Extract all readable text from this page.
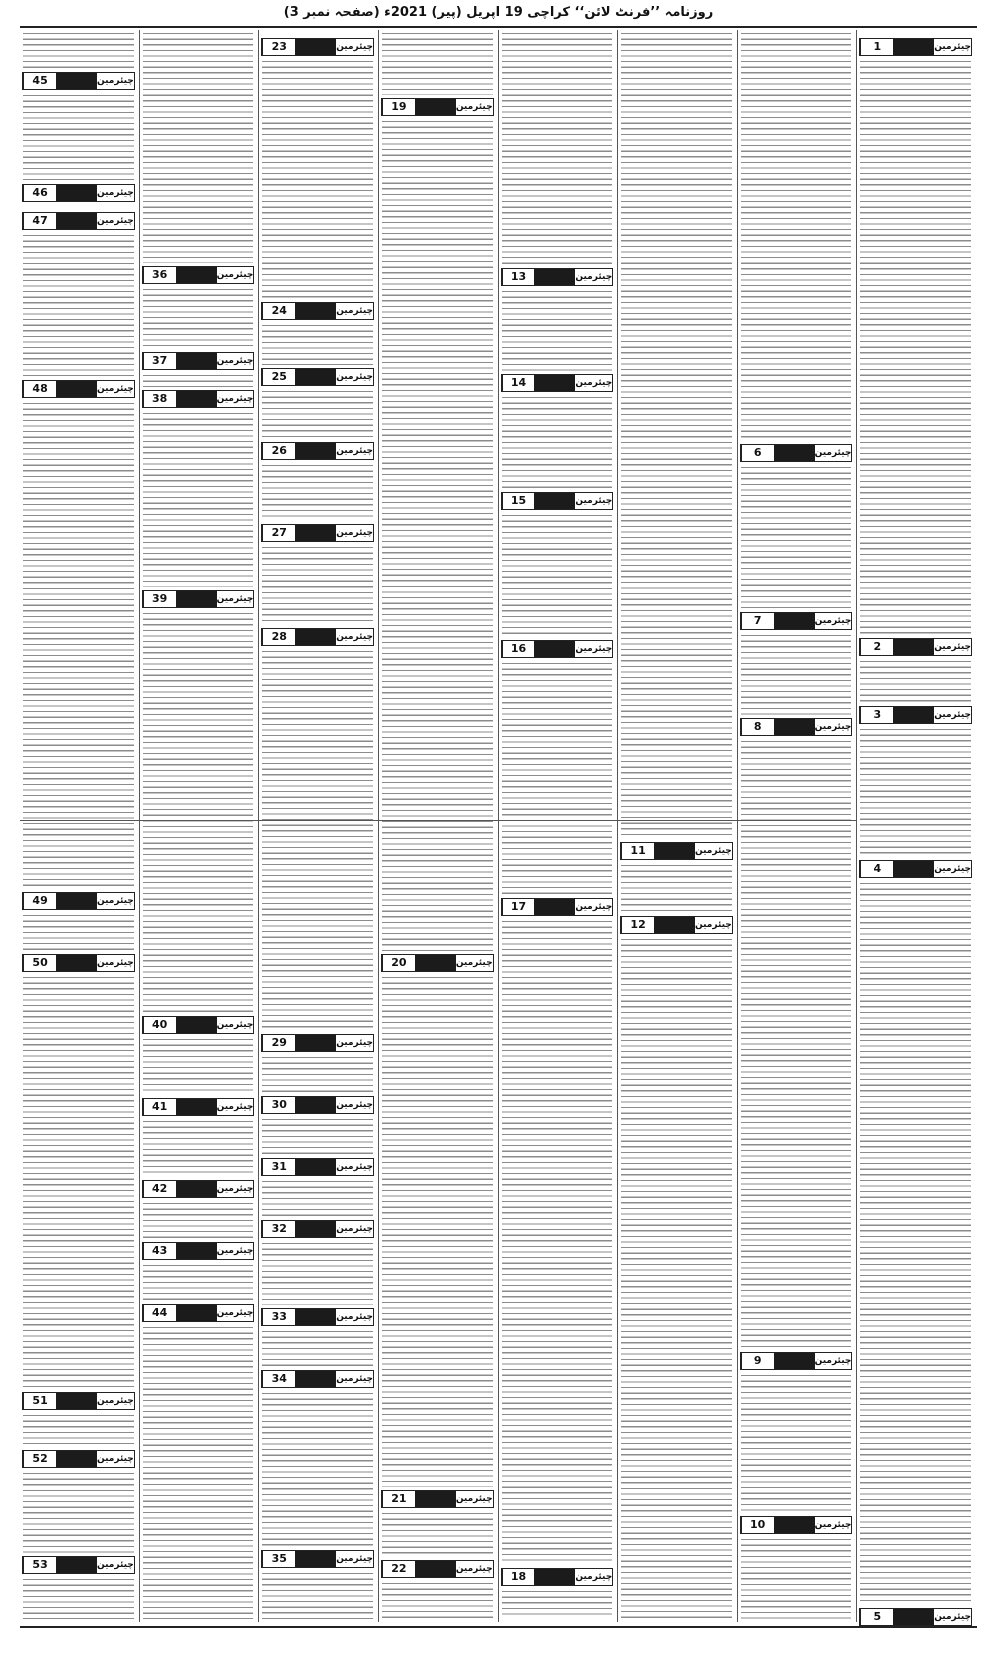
روزنامہ ’’فرنٹ لائن‘‘ کراچی 19 اپریل (پیر) 2021ء (صفحہ نمبر 3)
1	چیئرمین
2	چیئرمین
3	چیئرمین
4	چیئرمین
5	چیئرمین
6	چیئرمین
7	چیئرمین
8	چیئرمین
9	چیئرمین
10	چیئرمین
11	چیئرمین
12	چیئرمین
13	چیئرمین
14	چیئرمین
15	چیئرمین
16	چیئرمین
17	چیئرمین
18	چیئرمین
19	چیئرمین
20	چیئرمین
21	چیئرمین
22	چیئرمین
23	چیئرمین
24	چیئرمین
25	چیئرمین
26	چیئرمین
27	چیئرمین
28	چیئرمین
29	چیئرمین
30	چیئرمین
31	چیئرمین
32	چیئرمین
33	چیئرمین
34	چیئرمین
35	چیئرمین
36	چیئرمین
37	چیئرمین
38	چیئرمین
39	چیئرمین
40	چیئرمین
41	چیئرمین
42	چیئرمین
43	چیئرمین
44	چیئرمین
45	چیئرمین
46	چیئرمین
47	چیئرمین
48	چیئرمین
49	چیئرمین
50	چیئرمین
51	چیئرمین
52	چیئرمین
53	چیئرمین
